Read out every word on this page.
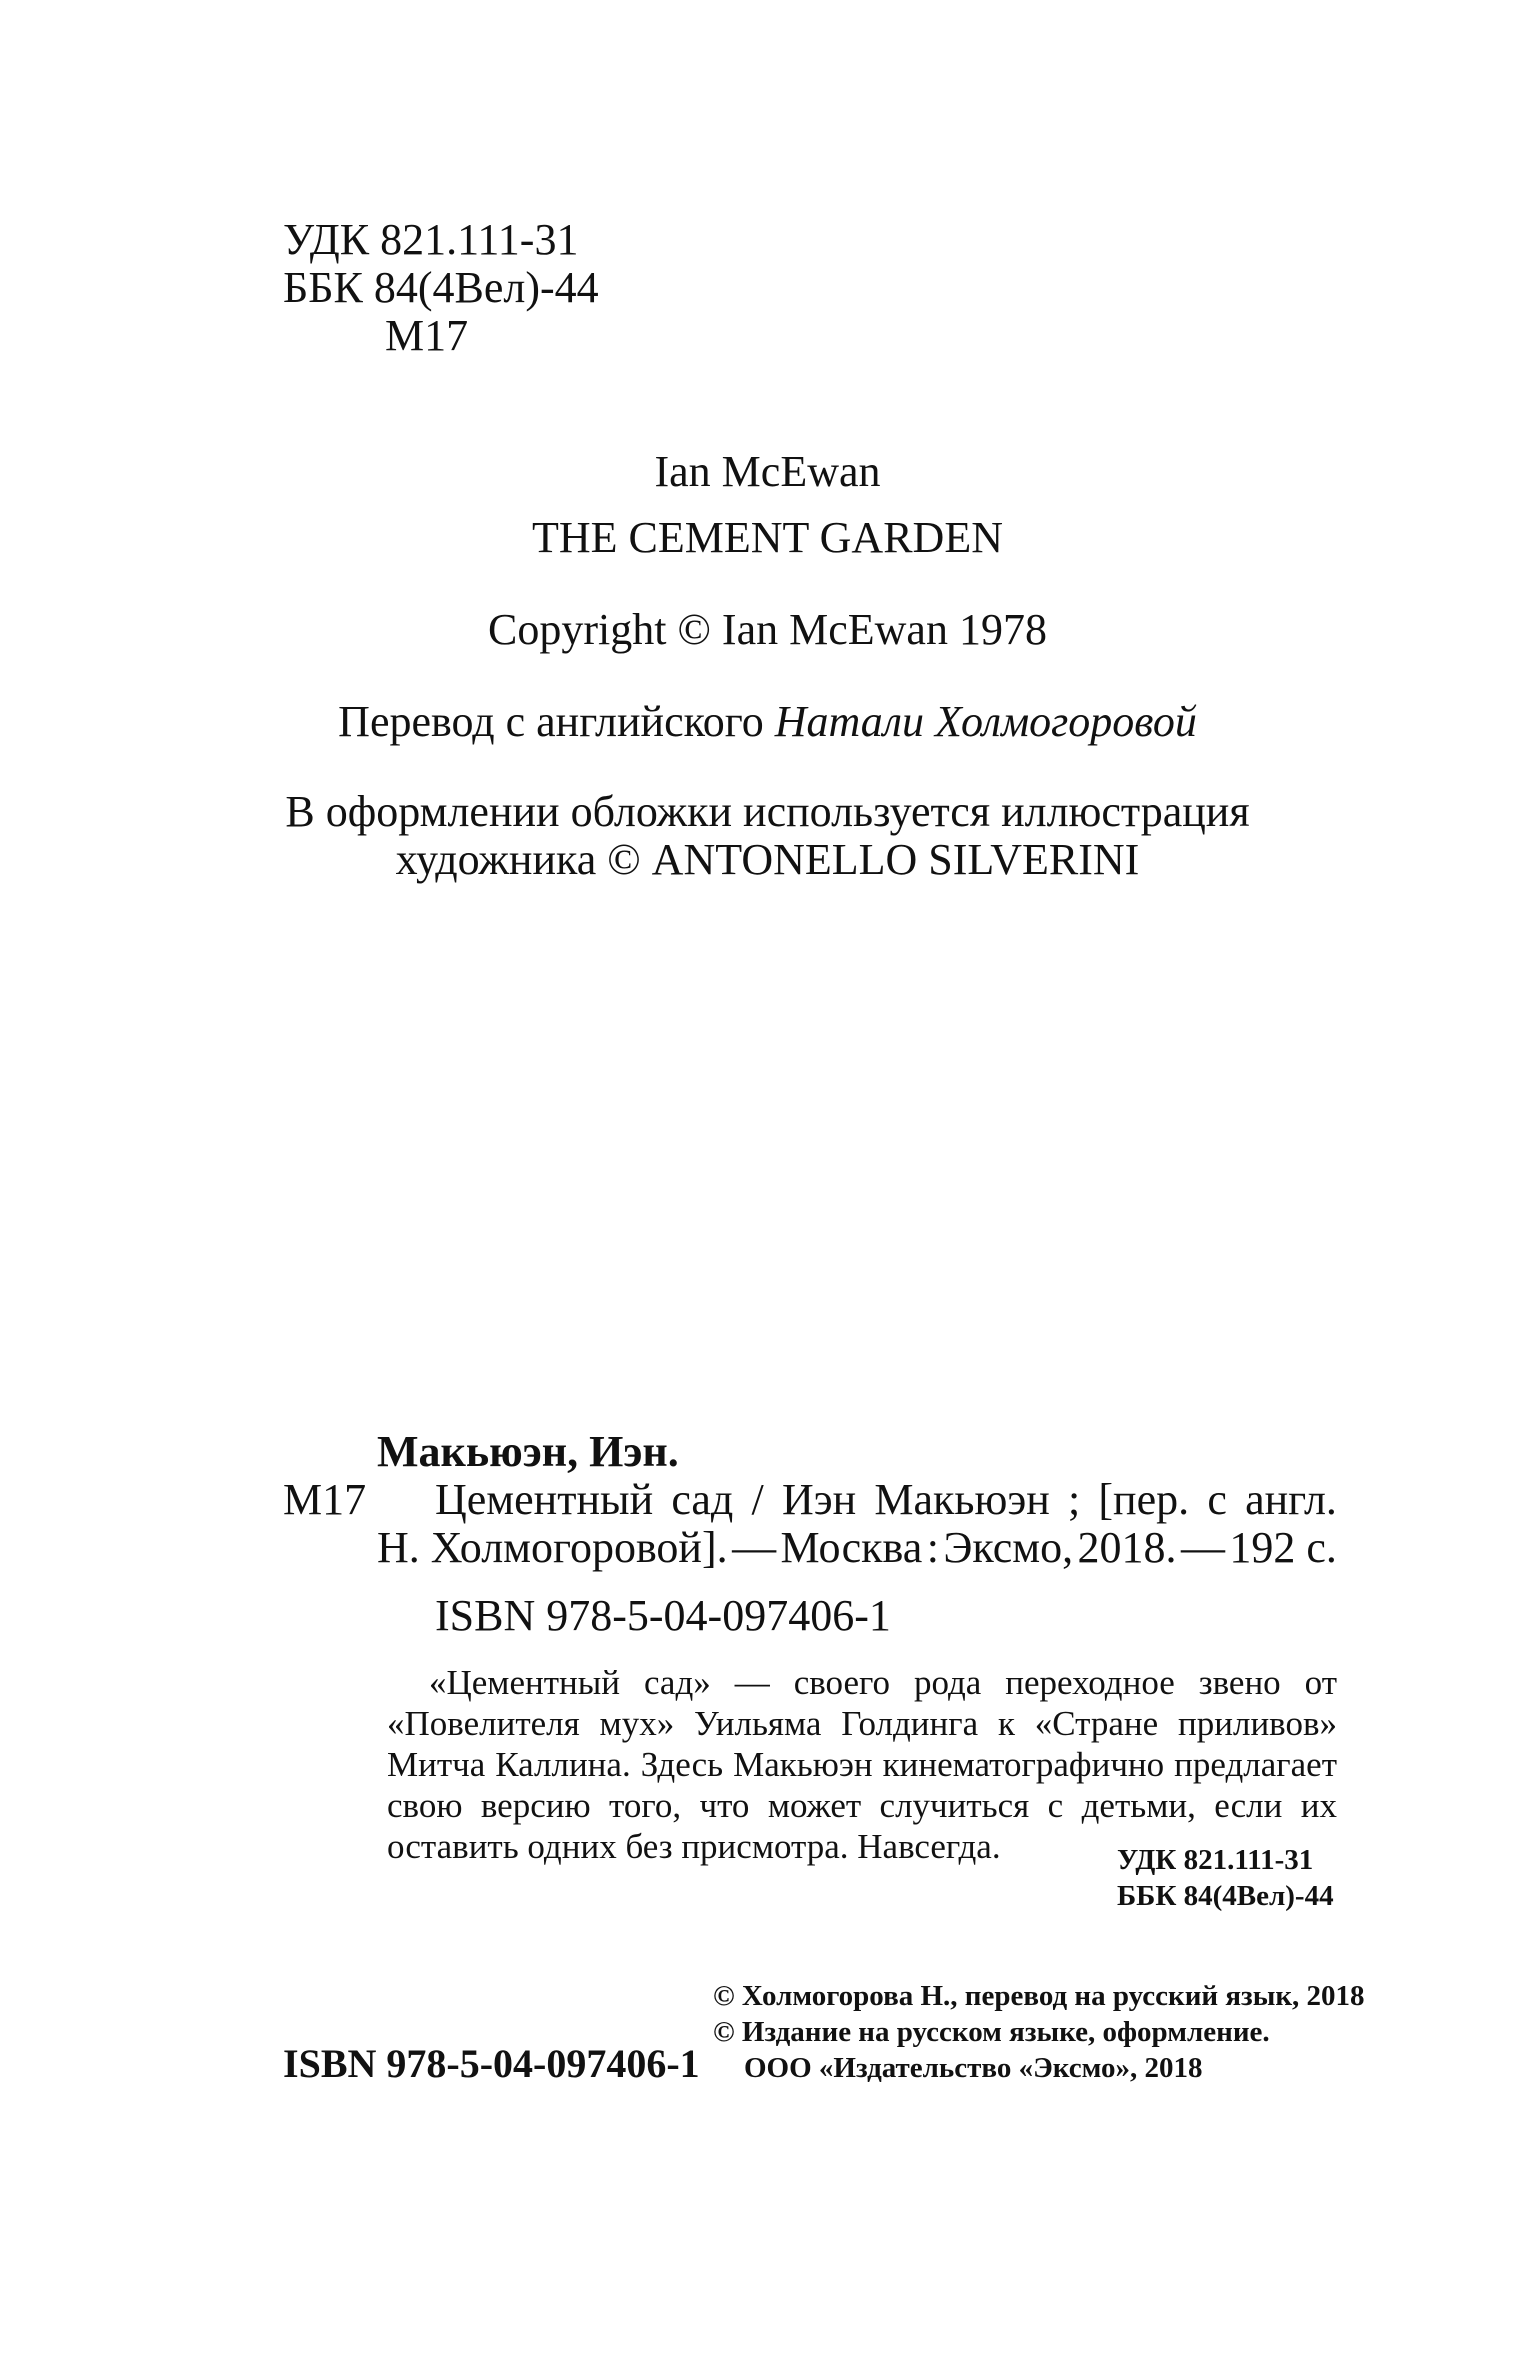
УДК 821.111-31
ББК 84(4Вел)-44
М17
Ian McEwan
THE CEMENT GARDEN
Copyright © Ian McEwan 1978
Перевод с английского Натали Холмогоровой
В оформлении обложки используется иллюстрация
художника © ANTONELLO SILVERINI
Макьюэн, Иэн.
М17 Цементный сад / Иэн Макьюэн ; [пер. с англ.
Н. Холмогоровой]. — Москва : Эксмо, 2018. — 192 с.
ISBN 978-5-04-097406-1
«Цементный сад» — своего рода переходное звено от «Повелителя мух» Уильяма Голдинга к «Стране приливов» Митча Каллина. Здесь Макьюэн кинематографично предлагает свою версию того, что может случиться с детьми, если их оставить одних без присмотра. Навсегда.	УДК 821.111-31
ББК 84(4Вел)-44
© Холмогорова Н., перевод на русский язык, 2018
© Издание на русском языке, оформление.
ООО «Издательство «Эксмо», 2018
ISBN 978-5-04-097406-1
